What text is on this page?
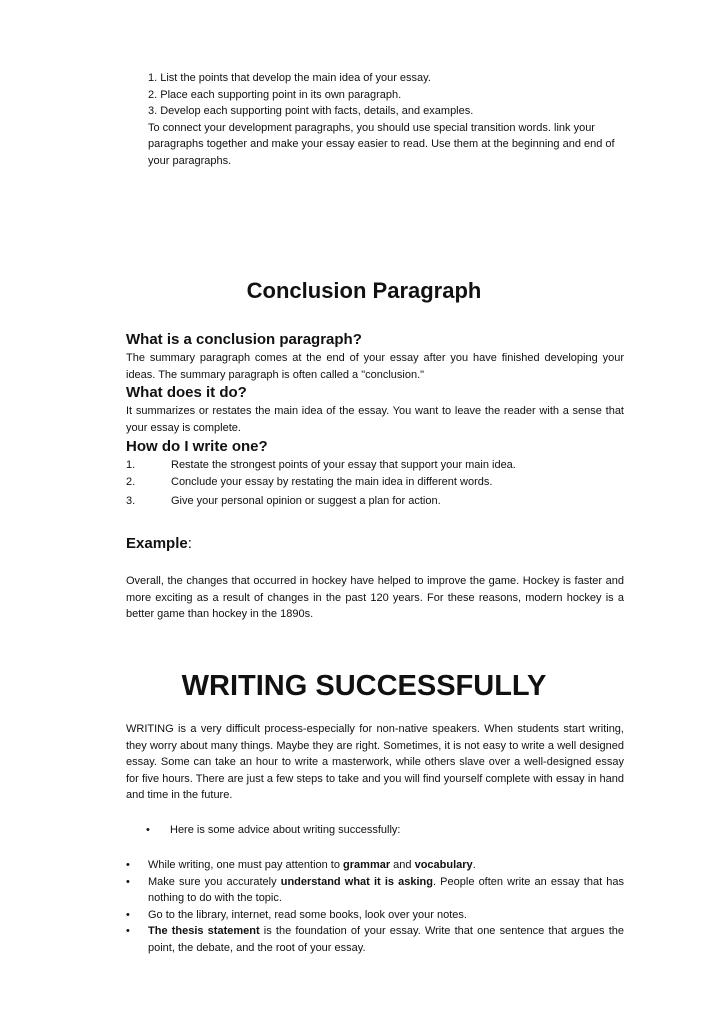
1. List the points that develop the main idea of your essay.
2. Place each supporting point in its own paragraph.
3. Develop each supporting point with facts, details, and examples.
To connect your development paragraphs, you should use special transition words. link your paragraphs together and make your essay easier to read. Use them at the beginning and end of your paragraphs.
Conclusion Paragraph
What is a conclusion paragraph?

The summary paragraph comes at the end of your essay after you have finished developing your ideas. The summary paragraph is often called a "conclusion."

What does it do?

It summarizes or restates the main idea of the essay. You want to leave the reader with a sense that your essay is complete.

How do I write one?
1.	Restate the strongest points of your essay that support your main idea.
2.	Conclude your essay by restating the main idea in different words.
3.	Give your personal opinion or suggest a plan for action.
Example:

Overall, the changes that occurred in hockey have helped to improve the game. Hockey is faster and more exciting as a result of changes in the past 120 years. For these reasons, modern hockey is a better game than hockey in the 1890s.

WRITING SUCCESSFULLY

WRITING is a very difficult process-especially for non-native speakers. When students start writing, they worry about many things. Maybe they are right. Sometimes, it is not easy to write a well designed essay. Some can take an hour to write a masterwork, while others slave over a well-designed essay for five hours. There are just a few steps to take and you will find yourself complete with essay in hand and time in the future.

•	Here is some advice about writing successfully:
•	While writing, one must pay attention to grammar and vocabulary.
•	Make sure you accurately understand what it is asking. People often write an essay that has nothing to do with the topic.
•	Go to the library, internet, read some books, look over your notes.
•	The thesis statement is the foundation of your essay. Write that one sentence that argues the point, the debate, and the root of your essay.
